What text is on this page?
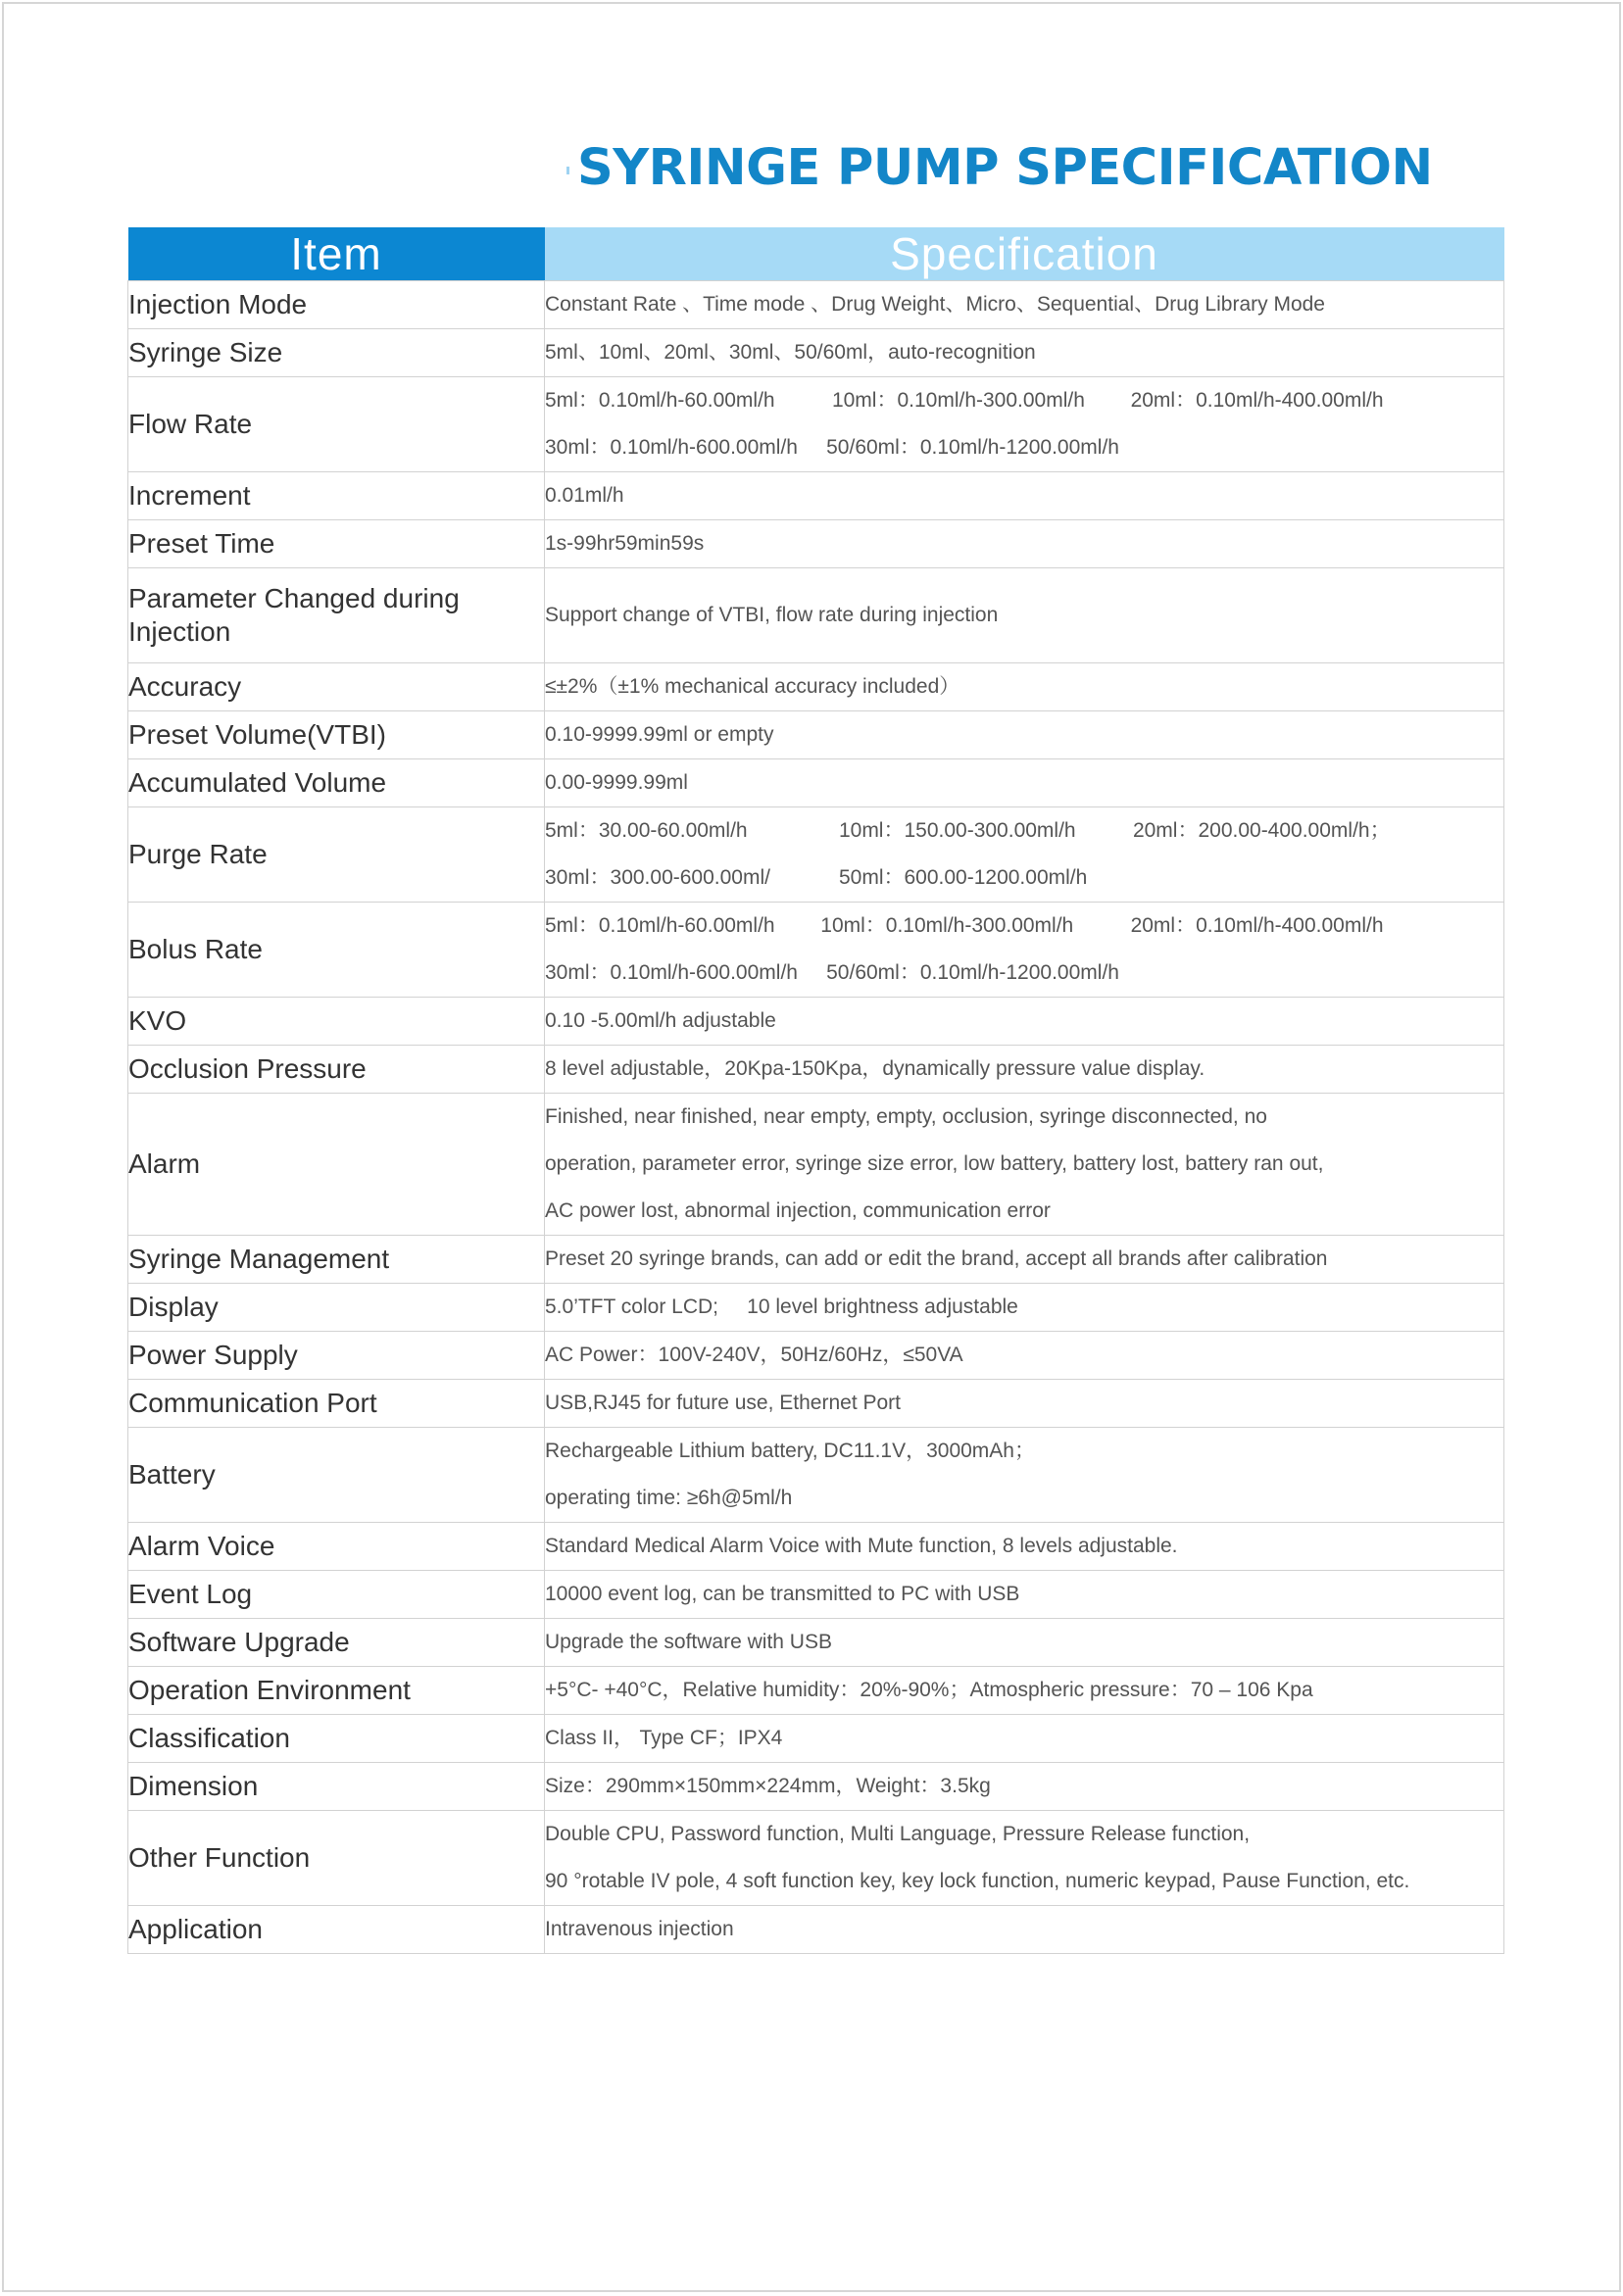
SYRINGE PUMP SPECIFICATION
Item	Specification
Injection Mode	Constant Rate 、Time mode 、Drug Weight、Micro、Sequential、Drug Library Mode

Syringe Size	5ml、10ml、20ml、30ml、50/60ml，auto-recognition

Flow Rate	5ml：0.10ml/h-60.00ml/h          10ml：0.10ml/h-300.00ml/h        20ml：0.10ml/h-400.00ml/h
30ml：0.10ml/h-600.00ml/h     50/60ml：0.10ml/h-1200.00ml/h

Increment	0.01ml/h

Preset Time	1s-99hr59min59s

Parameter Changed during Injection	Support change of VTBI, flow rate during injection

Accuracy	≤±2%（±1% mechanical accuracy included）

Preset Volume(VTBI)	0.10-9999.99ml or empty

Accumulated Volume	0.00-9999.99ml

Purge Rate	5ml：30.00-60.00ml/h                10ml：150.00-300.00ml/h          20ml：200.00-400.00ml/h；
30ml：300.00-600.00ml/            50ml：600.00-1200.00ml/h

Bolus Rate	5ml：0.10ml/h-60.00ml/h        10ml：0.10ml/h-300.00ml/h          20ml：0.10ml/h-400.00ml/h
30ml：0.10ml/h-600.00ml/h     50/60ml：0.10ml/h-1200.00ml/h

KVO	0.10 -5.00ml/h adjustable

Occlusion Pressure	8 level adjustable，20Kpa-150Kpa，dynamically pressure value display.

Alarm	Finished, near finished, near empty, empty, occlusion, syringe disconnected, no
operation, parameter error, syringe size error, low battery, battery lost, battery ran out,
AC power lost, abnormal injection, communication error

Syringe Management	Preset 20 syringe brands, can add or edit the brand, accept all brands after calibration

Display	5.0’TFT color LCD;     10 level brightness adjustable

Power Supply	AC Power：100V-240V，50Hz/60Hz，≤50VA

Communication Port	USB,RJ45 for future use, Ethernet Port

Battery	Rechargeable Lithium battery, DC11.1V，3000mAh；
operating time: ≥6h@5ml/h

Alarm Voice	Standard Medical Alarm Voice with Mute function, 8 levels adjustable.

Event Log	10000 event log, can be transmitted to PC with USB

Software Upgrade	Upgrade the software with USB

Operation Environment	+5°C- +40°C，Relative humidity：20%-90%；Atmospheric pressure：70 – 106 Kpa

Classification	Class II， Type CF；IPX4

Dimension	Size：290mm×150mm×224mm，Weight：3.5kg

Other Function	Double CPU, Password function, Multi Language, Pressure Release function,
90 °rotable IV pole, 4 soft function key, key lock function, numeric keypad, Pause Function, etc.

Application	Intravenous injection
